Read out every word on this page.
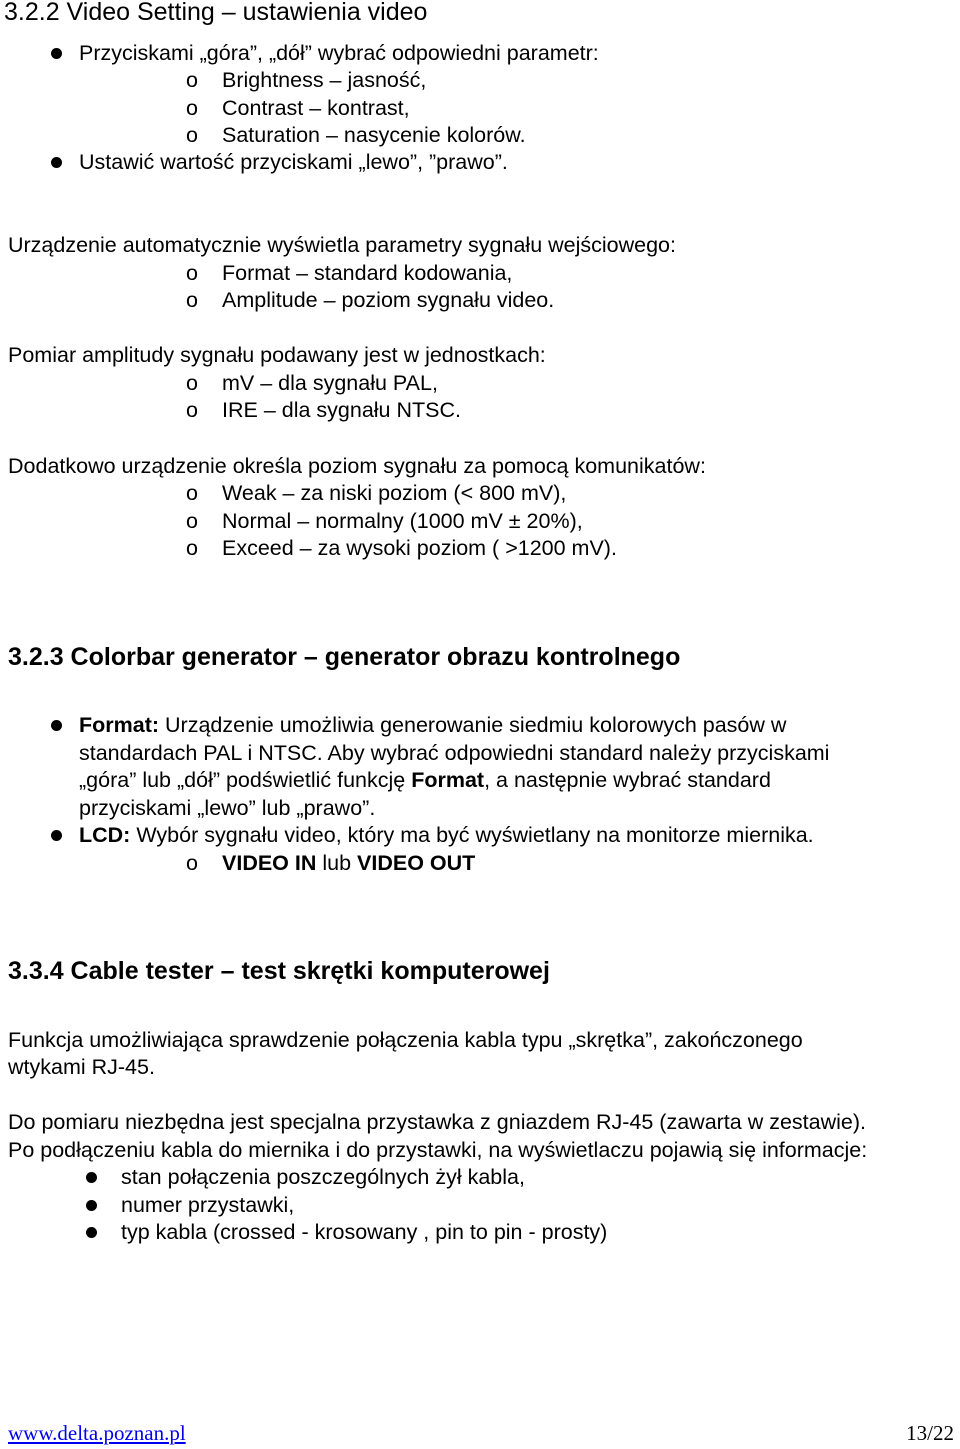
3.2.2 Video Setting – ustawienia video
Przyciskami „góra”, „dół” wybrać odpowiedni parametr:
o Brightness – jasność,
o Contrast – kontrast,
o Saturation – nasycenie kolorów.
Ustawić wartość przyciskami „lewo”, ”prawo”.
Urządzenie automatycznie wyświetla parametry sygnału wejściowego:
o Format – standard kodowania,
o Amplitude – poziom sygnału video.
Pomiar amplitudy sygnału podawany jest w jednostkach:
o mV – dla sygnału PAL,
o IRE – dla sygnału NTSC.
Dodatkowo urządzenie określa poziom sygnału za pomocą komunikatów:
o Weak – za niski poziom (< 800 mV),
o Normal – normalny (1000 mV ± 20%),
o Exceed – za wysoki poziom ( >1200 mV).
3.2.3 Colorbar generator – generator obrazu kontrolnego
Format: Urządzenie umożliwia generowanie siedmiu kolorowych pasów w
standardach PAL i NTSC. Aby wybrać odpowiedni standard należy przyciskami
„góra” lub „dół” podświetlić funkcję Format, a następnie wybrać standard
przyciskami „lewo” lub „prawo”.
LCD: Wybór sygnału video, który ma być wyświetlany na monitorze miernika.
o VIDEO IN lub VIDEO OUT
3.3.4 Cable tester – test skrętki komputerowej
Funkcja umożliwiająca sprawdzenie połączenia kabla typu „skrętka”, zakończonego
wtykami RJ-45.
Do pomiaru niezbędna jest specjalna przystawka z gniazdem RJ-45 (zawarta w zestawie).
Po podłączeniu kabla do miernika i do przystawki, na wyświetlaczu pojawią się informacje:
stan połączenia poszczególnych żył kabla,
numer przystawki,
typ kabla (crossed - krosowany , pin to pin - prosty)
www.delta.poznan.pl	13/22
